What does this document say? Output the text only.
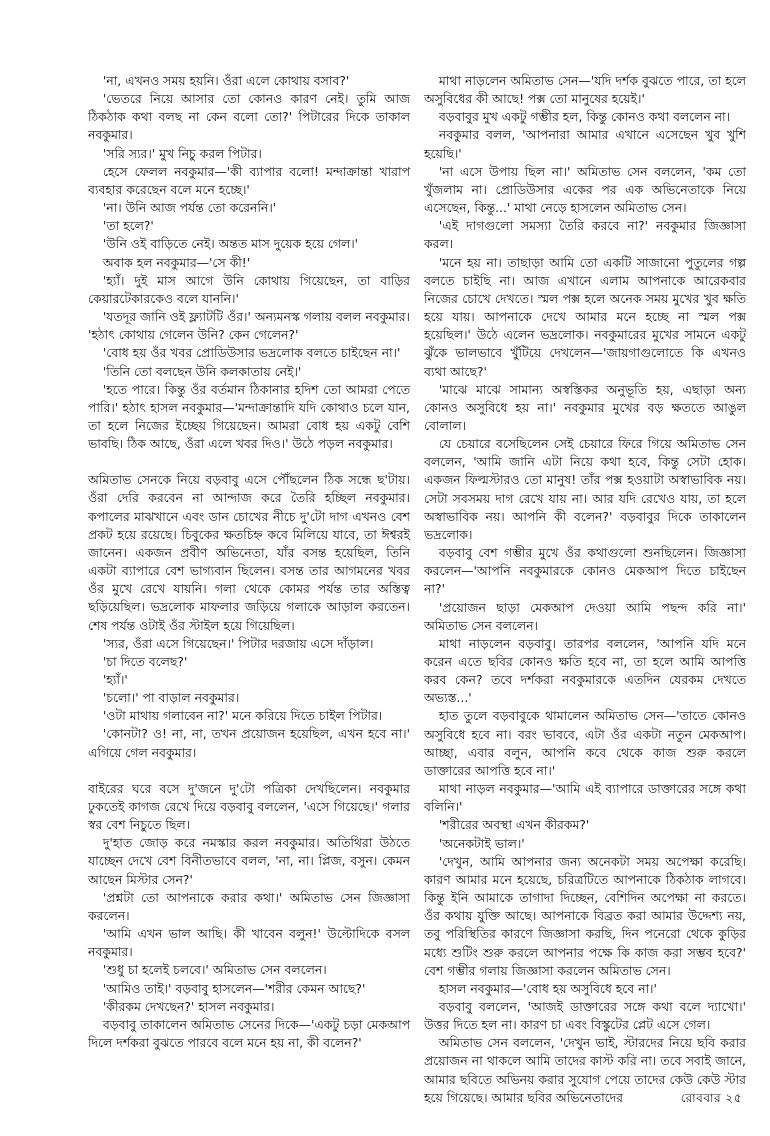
'না, এখনও সময় হয়নি। ওঁরা এলে কোথায় বসাব?'

'ভেতরে নিয়ে আসার তো কোনও কারণ নেই। তুমি আজ ঠিকঠাক কথা বলছ না কেন বলো তো?' পিটারের দিকে তাকাল নবকুমার।

'সরি স্যর।' মুখ নিচু করল পিটার।

হেসে ফেলল নবকুমার—'কী ব্যাপার বলো! মন্দাক্রান্তা খারাপ ব্যবহার করেছেন বলে মনে হচ্ছে।'

'না। উনি আজ পর্যন্ত তো করেননি।'

'তা হলে?'

'উনি ওই বাড়িতে নেই। অন্তত মাস দুয়েক হয়ে গেল।'

অবাক হল নবকুমার—'সে কী!'

'হ্যাঁ। দুই মাস আগে উনি কোথায় গিয়েছেন, তা বাড়ির কেয়ারটেকারকেও বলে যাননি।'

'যতদূর জানি ওই ফ্ল্যাটটি ওঁর।' অন্যমনস্ক গলায় বলল নবকুমার। 'হঠাৎ কোথায় গেলেন উনি? কেন গেলেন?'

'বোধ হয় ওঁর খবর প্রোডিউসার ভদ্রলোক বলতে চাইছেন না।'

'তিনি তো বলছেন উনি কলকাতায় নেই।'

'হতে পারে। কিন্তু ওঁর বর্তমান ঠিকানার হদিশ তো আমরা পেতে পারি।' হঠাৎ হাসল নবকুমার—'মন্দাক্রান্তাদি যদি কোথাও চলে যান, তা হলে নিজের ইচ্ছেয় গিয়েছেন। আমরা বোধ হয় একটু বেশি ভাবছি। ঠিক আছে, ওঁরা এলে খবর দিও।' উঠে পড়ল নবকুমার।

অমিতাভ সেনকে নিয়ে বড়বাবু এসে পৌঁছলেন ঠিক সন্ধে ছ'টায়। ওঁরা দেরি করবেন না আন্দাজ করে তৈরি হচ্ছিল নবকুমার। কপালের মাঝখানে এবং ডান চোখের নীচে দু'টো দাগ এখনও বেশ প্রকট হয়ে রয়েছে। চিবুকের ক্ষতচিহ্ন কবে মিলিয়ে যাবে, তা ঈশ্বরই জানেন। একজন প্রবীণ অভিনেতা, যাঁর বসন্ত হয়েছিল, তিনি একটা ব্যাপারে বেশ ভাগ্যবান ছিলেন। বসন্ত তার আগমনের খবর ওঁর মুখে রেখে যায়নি। গলা থেকে কোমর পর্যন্ত তার অস্তিত্ব ছড়িয়েছিল। ভদ্রলোক মাফলার জড়িয়ে গলাকে আড়াল করতেন। শেষ পর্যন্ত ওটাই ওঁর স্টাইল হয়ে গিয়েছিল।

'স্যর, ওঁরা এসে গিয়েছেন।' পিটার দরজায় এসে দাঁড়াল।

'চা দিতে বলেছ?'

'হ্যাঁ।'

'চলো।' পা বাড়াল নবকুমার।

'ওটা মাথায় গলাবেন না?' মনে করিয়ে দিতে চাইল পিটার।

'কোনটা? ও! না, না, তখন প্রয়োজন হয়েছিল, এখন হবে না।' এগিয়ে গেল নবকুমার।

বাইরের ঘরে বসে দু'জনে দু'টো পত্রিকা দেখছিলেন। নবকুমার ঢুকতেই কাগজ রেখে দিয়ে বড়বাবু বললেন, 'এসে গিয়েছে।' গলার স্বর বেশ নিচুতে ছিল।

দু'হাত জোড় করে নমস্কার করল নবকুমার। অতিথিরা উঠতে যাচ্ছেন দেখে বেশ বিনীতভাবে বলল, 'না, না। প্লিজ, বসুন। কেমন আছেন মিস্টার সেন?'

'প্রশ্নটা তো আপনাকে করার কথা।' অমিতাভ সেন জিজ্ঞাসা করলেন।

'আমি এখন ভাল আছি। কী খাবেন বলুন!' উল্টোদিকে বসল নবকুমার।

'শুধু চা হলেই চলবে।' অমিতাভ সেন বললেন।

'আমিও তাই।' বড়বাবু হাসলেন—'শরীর কেমন আছে?'

'কীরকম দেখছেন?' হাসল নবকুমার।

বড়বাবু তাকালেন অমিতাভ সেনের দিকে—'একটু চড়া মেকআপ দিলে দর্শকরা বুঝতে পারবে বলে মনে হয় না, কী বলেন?'

মাথা নাড়লেন অমিতাভ সেন—'যদি দর্শক বুঝতে পারে, তা হলে অসুবিধের কী আছে! পক্স তো মানুষের হয়েই।'

বড়বাবুর মুখ একটু গম্ভীর হল, কিন্তু কোনও কথা বললেন না।

নবকুমার বলল, 'আপনারা আমার এখানে এসেছেন খুব খুশি হয়েছি।'

'না এসে উপায় ছিল না।' অমিতাভ সেন বললেন, 'কম তো খুঁজলাম না। প্রোডিউসার একের পর এক অভিনেতাকে নিয়ে এসেছেন, কিন্তু...' মাথা নেড়ে হাসলেন অমিতাভ সেন।

'এই দাগগুলো সমস্যা তৈরি করবে না?' নবকুমার জিজ্ঞাসা করল।

'মনে হয় না। তাছাড়া আমি তো একটি সাজানো পুতুলের গল্প বলতে চাইছি না। আজ এখানে এলাম আপনাকে আরেকবার নিজের চোখে দেখতে। স্মল পক্স হলে অনেক সময় মুখের খুব ক্ষতি হয়ে যায়। আপনাকে দেখে আমার মনে হচ্ছে না স্মল পক্স হয়েছিল।' উঠে এলেন ভদ্রলোক। নবকুমারের মুখের সামনে একটু ঝুঁকে ভালভাবে খুঁটিয়ে দেখলেন—'জায়গাগুলোতে কি এখনও ব্যথা আছে?'

'মাঝে মাঝে সামান্য অস্বস্তিকর অনুভূতি হয়, এছাড়া অন্য কোনও অসুবিধে হয় না।' নবকুমার মুখের বড় ক্ষততে আঙুল বোলাল।

যে চেয়ারে বসেছিলেন সেই চেয়ারে ফিরে গিয়ে অমিতাভ সেন বললেন, 'আমি জানি এটা নিয়ে কথা হবে, কিন্তু সেটা হোক। একজন ফিল্মস্টারও তো মানুষ! তাঁর পক্স হওয়াটা অস্বাভাবিক নয়। সেটা সবসময় দাগ রেখে যায় না। আর যদি রেখেও যায়, তা হলে অস্বাভাবিক নয়। আপনি কী বলেন?' বড়বাবুর দিকে তাকালেন ভদ্রলোক।

বড়বাবু বেশ গম্ভীর মুখে ওঁর কথাগুলো শুনছিলেন। জিজ্ঞাসা করলেন—'আপনি নবকুমারকে কোনও মেকআপ দিতে চাইছেন না?'

'প্রয়োজন ছাড়া মেকআপ দেওয়া আমি পছন্দ করি না।' অমিতাভ সেন বললেন।

মাথা নাড়লেন বড়বাবু। তারপর বললেন, 'আপনি যদি মনে করেন এতে ছবির কোনও ক্ষতি হবে না, তা হলে আমি আপত্তি করব কেন? তবে দর্শকরা নবকুমারকে এতদিন যেরকম দেখতে অভ্যস্ত...'

হাত তুলে বড়বাবুকে থামালেন অমিতাভ সেন—'তাতে কোনও অসুবিধে হবে না। বরং ভাববে, এটা ওঁর একটা নতুন মেকআপ। আচ্ছা, এবার বলুন, আপনি কবে থেকে কাজ শুরু করলে ডাক্তারের আপত্তি হবে না।'

মাথা নাড়ল নবকুমার—'আমি এই ব্যাপারে ডাক্তারের সঙ্গে কথা বলিনি।'

'শরীরের অবস্থা এখন কীরকম?'

'অনেকটাই ভাল।'

'দেখুন, আমি আপনার জন্য অনেকটা সময় অপেক্ষা করেছি। কারণ আমার মনে হয়েছে, চরিত্রটিতে আপনাকে ঠিকঠাক লাগবে। কিন্তু ইনি আমাকে তাগাদা দিচ্ছেন, বেশিদিন অপেক্ষা না করতে। ওঁর কথায় যুক্তি আছে। আপনাকে বিব্রত করা আমার উদ্দেশ্য নয়, তবু পরিস্থিতির কারণে জিজ্ঞাসা করছি, দিন পনেরো থেকে কুড়ির মধ্যে শুটিং শুরু করলে আপনার পক্ষে কি কাজ করা সম্ভব হবে?' বেশ গম্ভীর গলায় জিজ্ঞাসা করলেন অমিতাভ সেন।

হাসল নবকুমার—'বোধ হয় অসুবিধে হবে না।'

বড়বাবু বললেন, 'আজই ডাক্তারের সঙ্গে কথা বলে দ্যাখো।' উত্তর দিতে হল না। কারণ চা এবং বিস্কুটের প্লেট এসে গেল।

অমিতাভ সেন বললেন, 'দেখুন ভাই, স্টারদের নিয়ে ছবি করার প্রয়োজন না থাকলে আমি তাদের কাস্ট করি না। তবে সবাই জানে, আমার ছবিতে অভিনয় করার সুযোগ পেয়ে তাদের কেউ কেউ স্টার হয়ে গিয়েছে। আমার ছবির অভিনেতাদের	রোববার ২৫
